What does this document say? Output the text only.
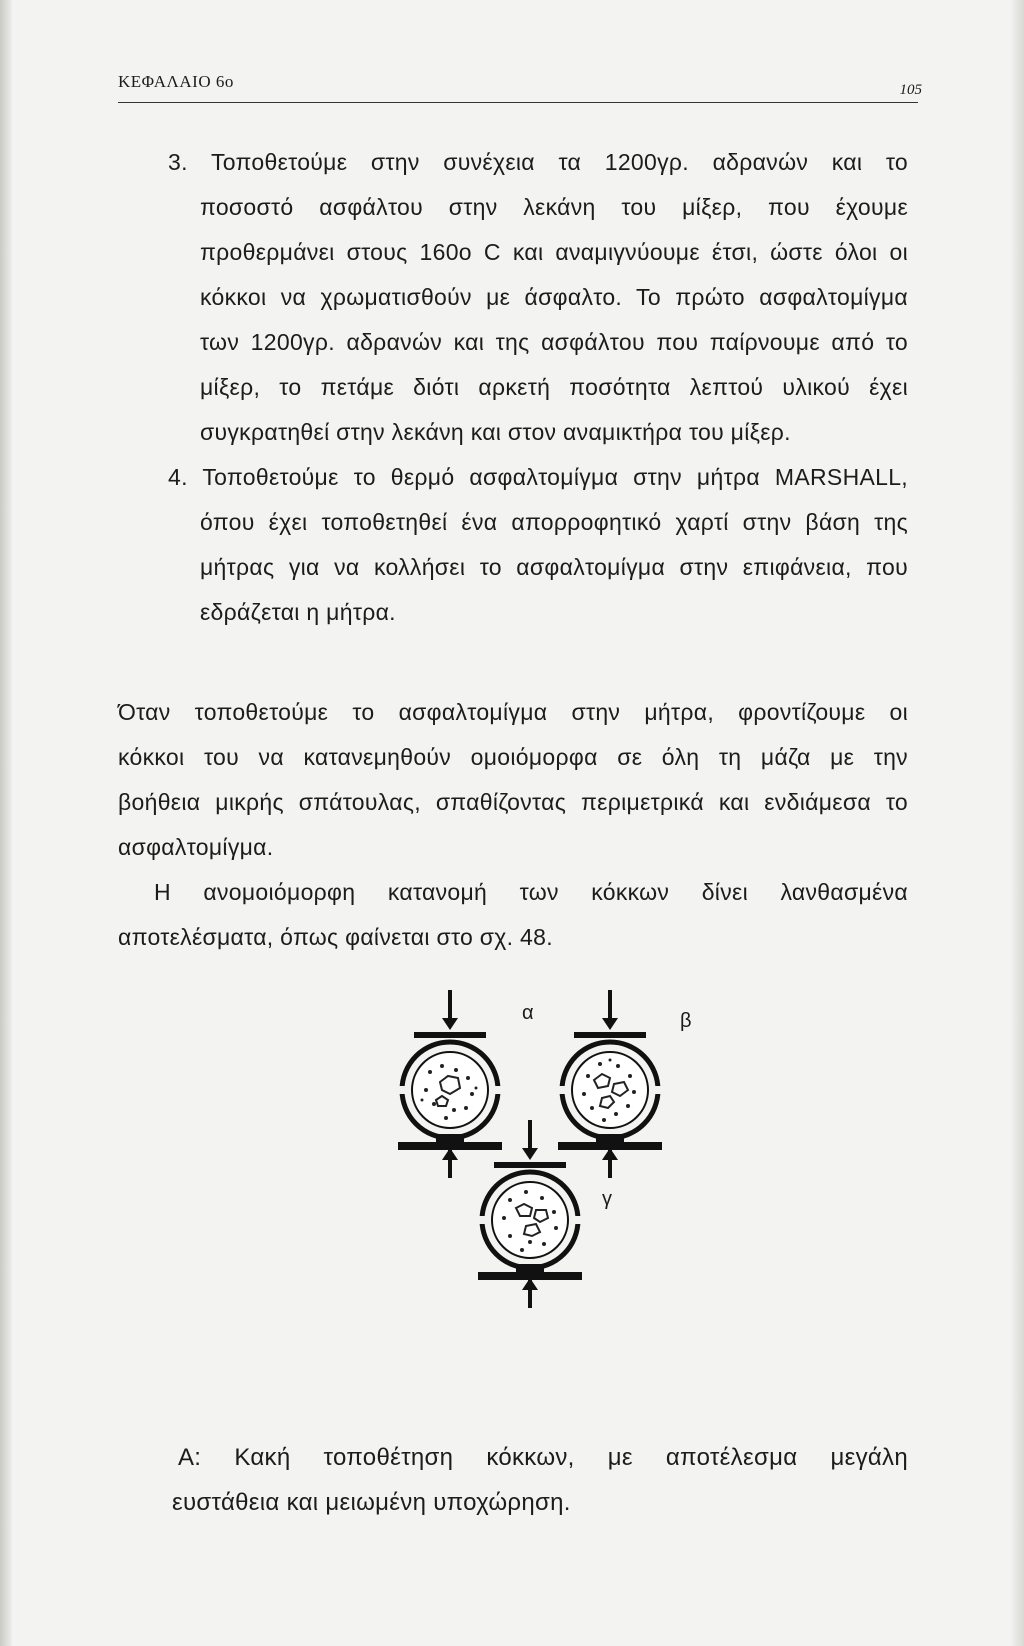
ΚΕΦΑΛΑΙΟ 6ο	105
3. Τοποθετούμε στην συνέχεια τα 1200γρ. αδρανών και το
ποσοστό ασφάλτου στην λεκάνη του μίξερ, που έχουμε
προθερμάνει στους 160ο C και αναμιγνύουμε έτσι, ώστε όλοι οι
κόκκοι να χρωματισθούν με άσφαλτο. Το πρώτο ασφαλτομίγμα
των 1200γρ. αδρανών και της ασφάλτου που παίρνουμε από το
μίξερ, το πετάμε διότι αρκετή ποσότητα λεπτού υλικού έχει
συγκρατηθεί στην λεκάνη και στον αναμικτήρα του μίξερ.
4. Τοποθετούμε το θερμό ασφαλτομίγμα στην μήτρα MARSHALL,
όπου έχει τοποθετηθεί ένα απορροφητικό χαρτί στην βάση της
μήτρας για να κολλήσει το ασφαλτομίγμα στην επιφάνεια, που
εδράζεται η μήτρα.
Όταν τοποθετούμε το ασφαλτομίγμα στην μήτρα, φροντίζουμε οι
κόκκοι του να κατανεμηθούν ομοιόμορφα σε όλη τη μάζα με την
βοήθεια μικρής σπάτουλας, σπαθίζοντας περιμετρικά και ενδιάμεσα το
ασφαλτομίγμα.
Η ανομοιόμορφη κατανομή των κόκκων δίνει λανθασμένα
αποτελέσματα, όπως φαίνεται στο σχ. 48.
α	β
γ
Α: Κακή τοποθέτηση κόκκων, με αποτέλεσμα μεγάλη
ευστάθεια και μειωμένη υποχώρηση.
